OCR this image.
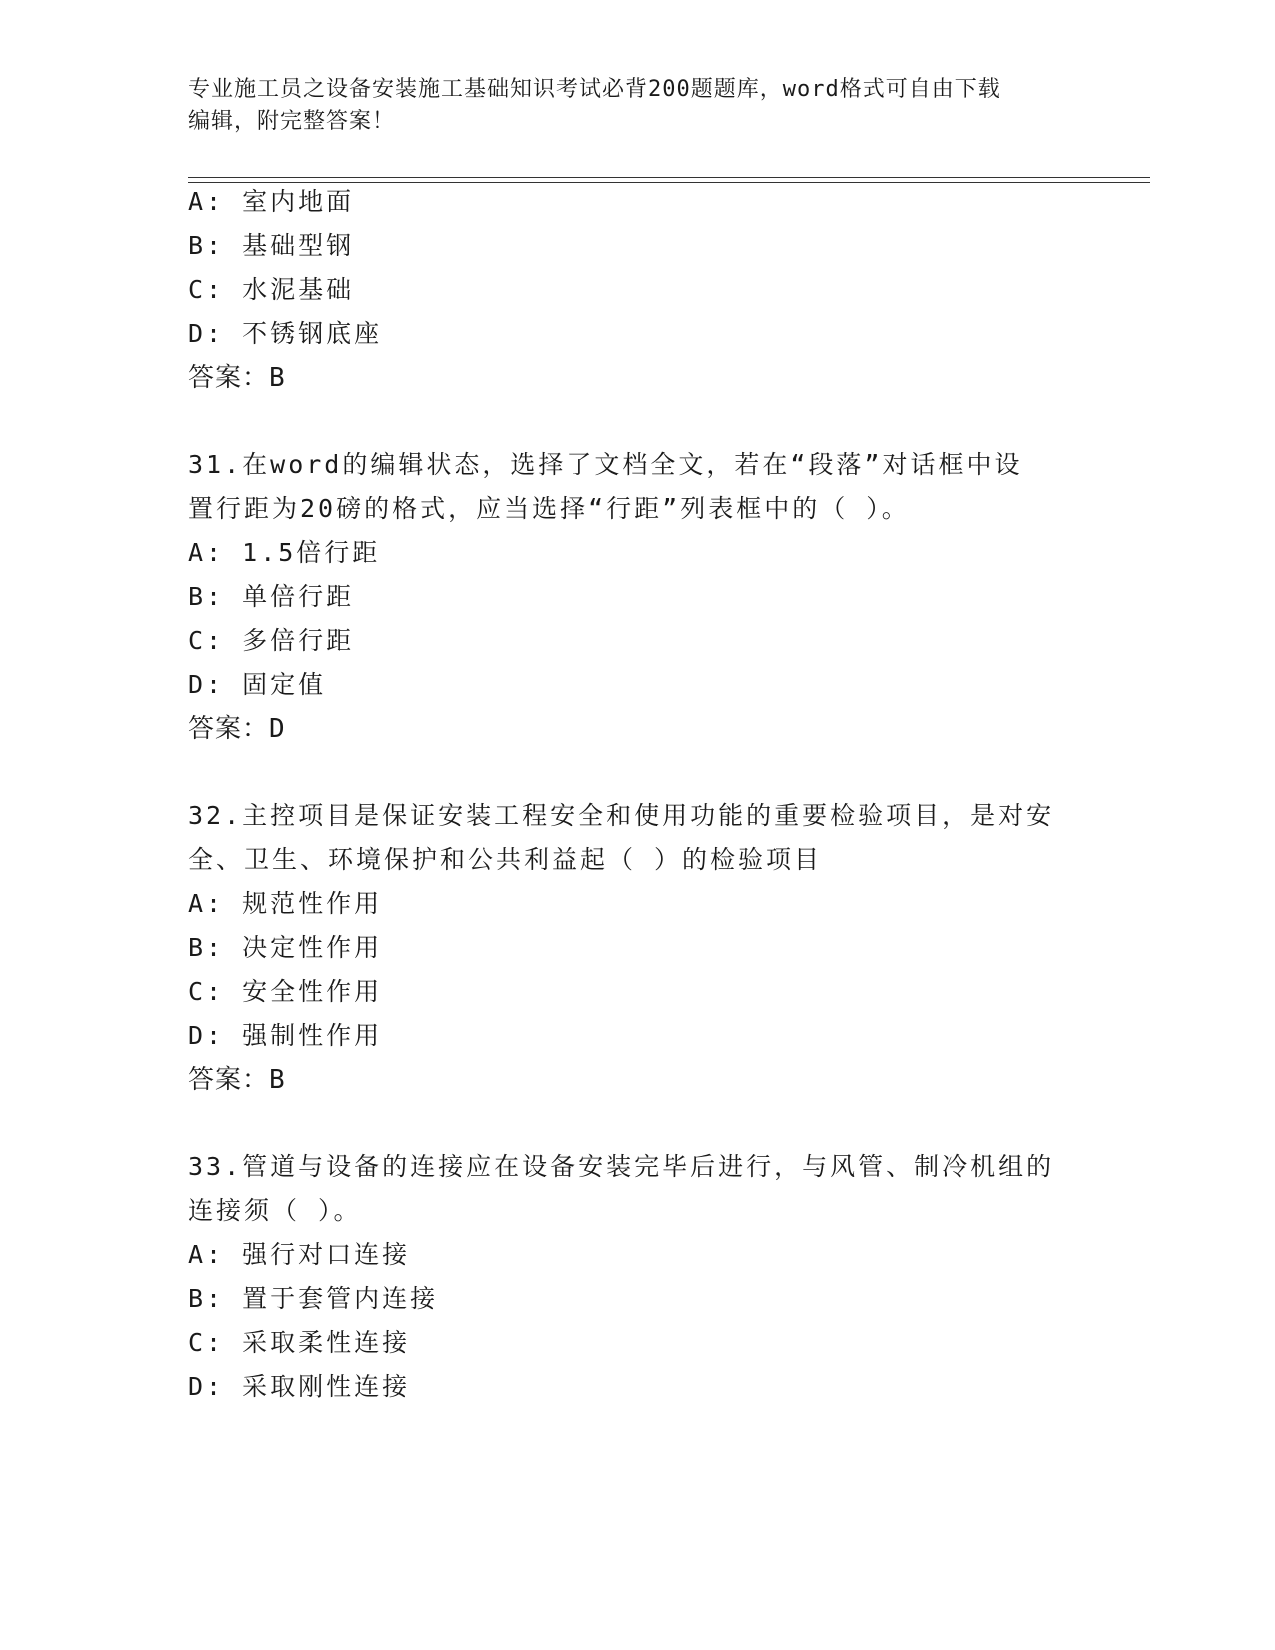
专业施工员之设备安装施工基础知识考试必背200题题库，word格式可自由下载
编辑，附完整答案！
A: 室内地面
B: 基础型钢
C: 水泥基础
D: 不锈钢底座
答案：B
31.在word的编辑状态，选择了文档全文，若在“段落”对话框中设
置行距为20磅的格式，应当选择“行距”列表框中的（ ）。
A: 1.5倍行距
B: 单倍行距
C: 多倍行距
D: 固定值
答案：D
32.主控项目是保证安装工程安全和使用功能的重要检验项目，是对安
全、卫生、环境保护和公共利益起（ ）的检验项目
A: 规范性作用
B: 决定性作用
C: 安全性作用
D: 强制性作用
答案：B
33.管道与设备的连接应在设备安装完毕后进行，与风管、制冷机组的
连接须（ ）。
A: 强行对口连接
B: 置于套管内连接
C: 采取柔性连接
D: 采取刚性连接
